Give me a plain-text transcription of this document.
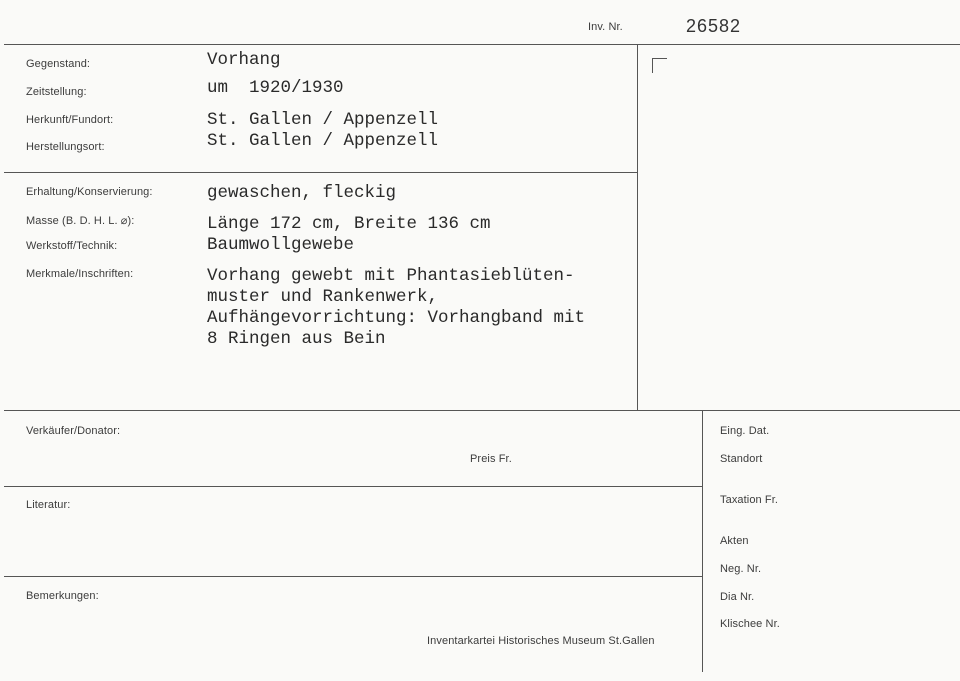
Inv. Nr.	26582
Gegenstand:	Vorhang
Zeitstellung:	um  1920/1930
Herkunft/Fundort:	St. Gallen / Appenzell
Herstellungsort:	St. Gallen / Appenzell
Erhaltung/Konservierung:	gewaschen, fleckig
Masse (B. D. H. L. ⌀):	Länge 172 cm, Breite 136 cm
Werkstoff/Technik:	Baumwollgewebe
Merkmale/Inschriften:	Vorhang gewebt mit Phantasieblüten-
muster und Rankenwerk,
Aufhängevorrichtung: Vorhangband mit
8 Ringen aus Bein
Verkäufer/Donator:
Preis Fr.
Literatur:
Bemerkungen:
Inventarkartei Historisches Museum St.Gallen
Eing. Dat.
Standort
Taxation Fr.
Akten
Neg. Nr.
Dia Nr.
Klischee Nr.
